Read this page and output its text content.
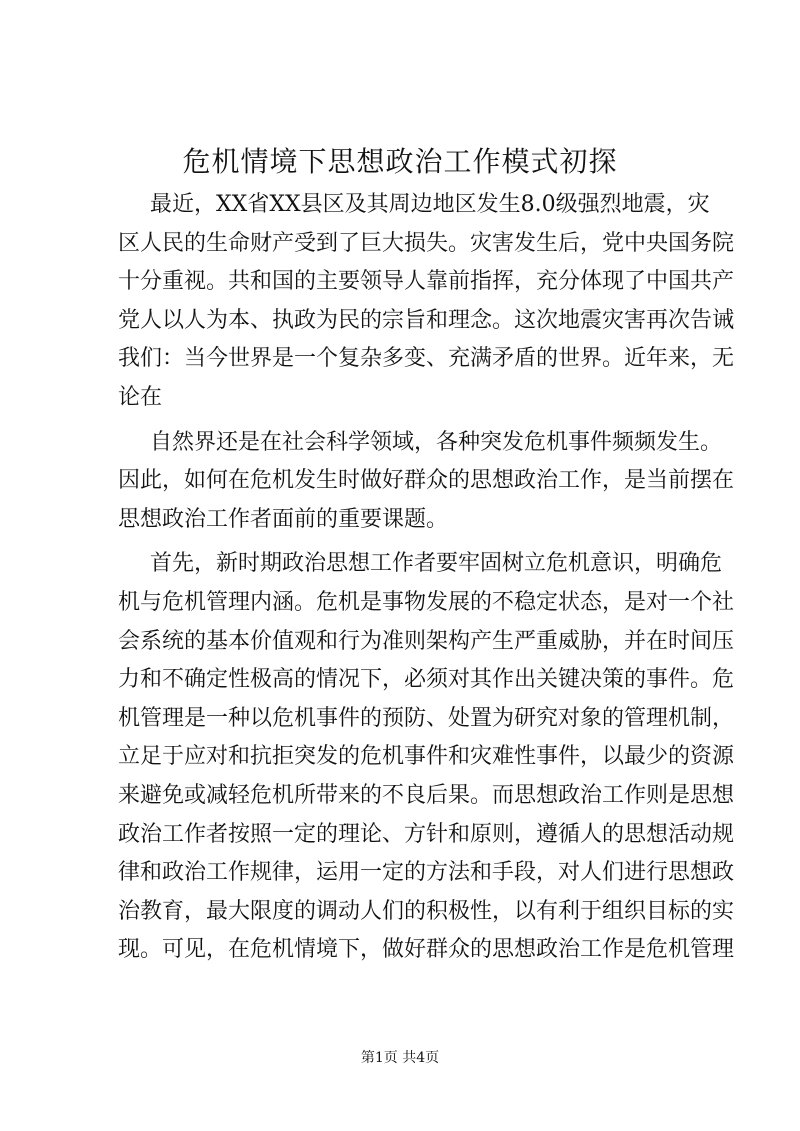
危机情境下思想政治工作模式初探
最近，XX省XX县区及其周边地区发生8.0级强烈地震，灾
区人民的生命财产受到了巨大损失。灾害发生后，党中央国务院
十分重视。共和国的主要领导人靠前指挥，充分体现了中国共产
党人以人为本、执政为民的宗旨和理念。这次地震灾害再次告诫
我们：当今世界是一个复杂多变、充满矛盾的世界。近年来，无
论在
自然界还是在社会科学领域，各种突发危机事件频频发生。
因此，如何在危机发生时做好群众的思想政治工作，是当前摆在
思想政治工作者面前的重要课题。
首先，新时期政治思想工作者要牢固树立危机意识，明确危
机与危机管理内涵。危机是事物发展的不稳定状态，是对一个社
会系统的基本价值观和行为准则架构产生严重威胁，并在时间压
力和不确定性极高的情况下，必须对其作出关键决策的事件。危
机管理是一种以危机事件的预防、处置为研究对象的管理机制，
立足于应对和抗拒突发的危机事件和灾难性事件，以最少的资源
来避免或减轻危机所带来的不良后果。而思想政治工作则是思想
政治工作者按照一定的理论、方针和原则，遵循人的思想活动规
律和政治工作规律，运用一定的方法和手段，对人们进行思想政
治教育，最大限度的调动人们的积极性，以有利于组织目标的实
现。可见，在危机情境下，做好群众的思想政治工作是危机管理
第1页 共4页
